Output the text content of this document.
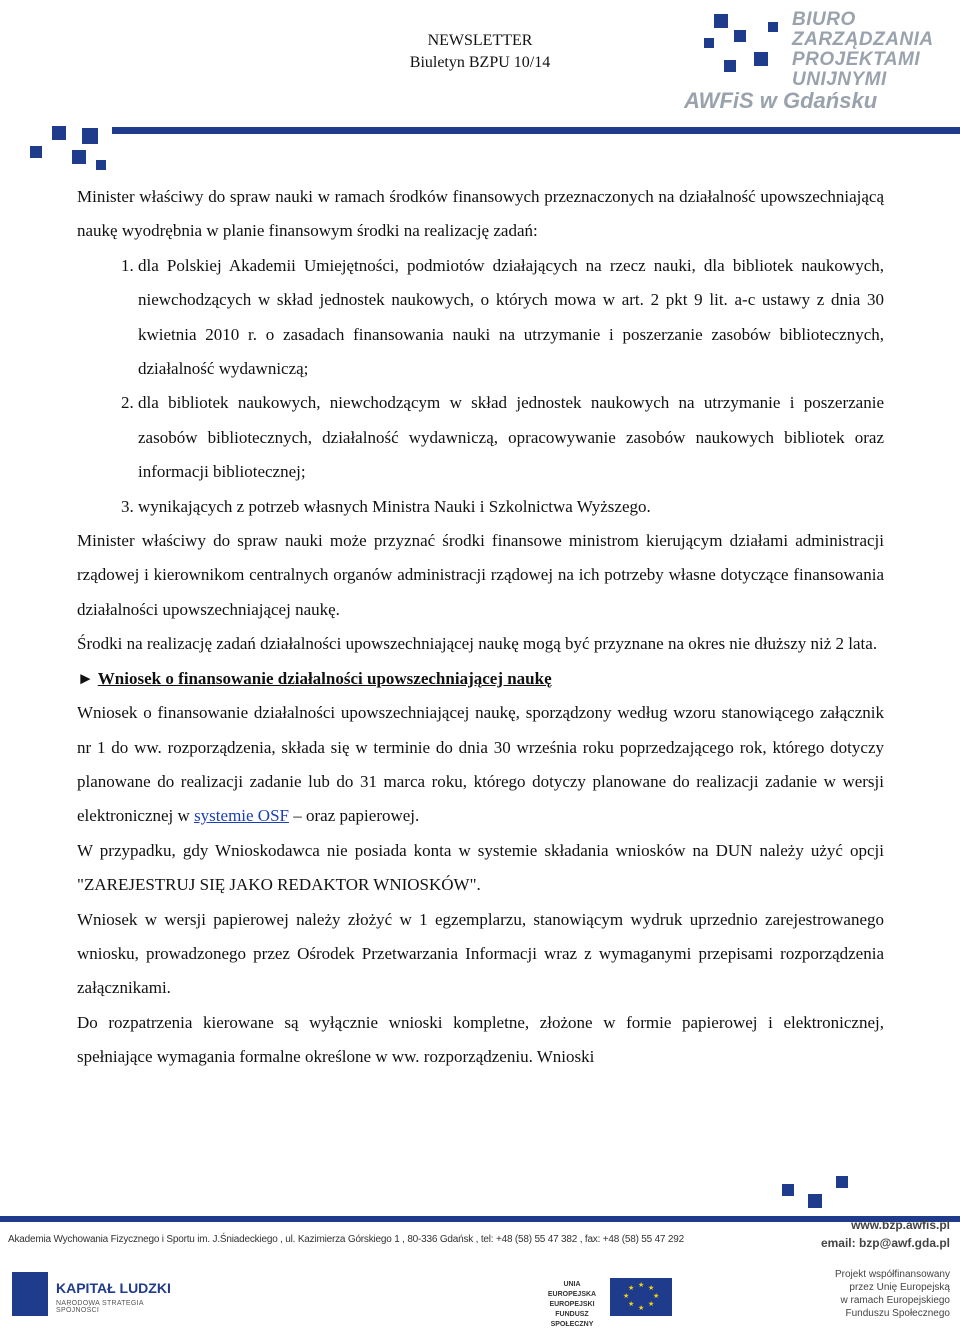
NEWSLETTER
Biuletyn BZPU 10/14
BIURO
ZARZĄDZANIA
PROJEKTAMI
UNIJNYMI
AWFiS w Gdańsku

Minister właściwy do spraw nauki w ramach środków finansowych przeznaczonych na działalność upowszechniającą naukę wyodrębnia w planie finansowym środki na realizację zadań:

1. dla Polskiej Akademii Umiejętności, podmiotów działających na rzecz nauki, dla bibliotek naukowych, niewchodzących w skład jednostek naukowych, o których mowa w art. 2 pkt 9 lit. a-c ustawy z dnia 30 kwietnia 2010 r. o zasadach finansowania nauki na utrzymanie i poszerzanie zasobów bibliotecznych, działalność wydawniczą;
2. dla bibliotek naukowych, niewchodzącym w skład jednostek naukowych na utrzymanie i poszerzanie zasobów bibliotecznych, działalność wydawniczą, opracowywanie zasobów naukowych bibliotek oraz informacji bibliotecznej;
3. wynikających z potrzeb własnych Ministra Nauki i Szkolnictwa Wyższego.

Minister właściwy do spraw nauki może przyznać środki finansowe ministrom kierującym działami administracji rządowej i kierownikom centralnych organów administracji rządowej na ich potrzeby własne dotyczące finansowania działalności upowszechniającej naukę.

Środki na realizację zadań działalności upowszechniającej naukę mogą być przyznane na okres nie dłuższy niż 2 lata.

► Wniosek o finansowanie działalności upowszechniającej naukę

Wniosek o finansowanie działalności upowszechniającej naukę, sporządzony według wzoru stanowiącego załącznik nr 1 do ww. rozporządzenia, składa się w terminie do dnia 30 września roku poprzedzającego rok, którego dotyczy planowane do realizacji zadanie lub do 31 marca roku, którego dotyczy planowane do realizacji zadanie w wersji elektronicznej w systemie OSF – oraz papierowej.

W przypadku, gdy Wnioskodawca nie posiada konta w systemie składania wniosków na DUN należy użyć opcji "ZAREJESTRUJ SIĘ JAKO REDAKTOR WNIOSKÓW".

Wniosek w wersji papierowej należy złożyć w 1 egzemplarzu, stanowiącym wydruk uprzednio zarejestrowanego wniosku, prowadzonego przez Ośrodek Przetwarzania Informacji wraz z wymaganymi przepisami rozporządzenia załącznikami.

Do rozpatrzenia kierowane są wyłącznie wnioski kompletne, złożone w formie papierowej i elektronicznej, spełniające wymagania formalne określone w ww. rozporządzeniu. Wnioski

Akademia Wychowania Fizycznego i Sportu im. J.Śniadeckiego , ul. Kazimierza Górskiego 1 , 80-336 Gdańsk , tel: +48 (58) 55 47 382 , fax: +48 (58) 55 47 292
www.bzp.awfis.pl
email: bzp@awf.gda.pl
KAPITAŁ LUDZKI
NARODOWA STRATEGIA SPÓJNOŚCI
UNIA EUROPEJSKA
EUROPEJSKI
FUNDUSZ SPOŁECZNY
★ ★
★
★
★
★
★
★
Projekt współfinansowany
przez Unię Europejską
w ramach Europejskiego
Funduszu Społecznego
